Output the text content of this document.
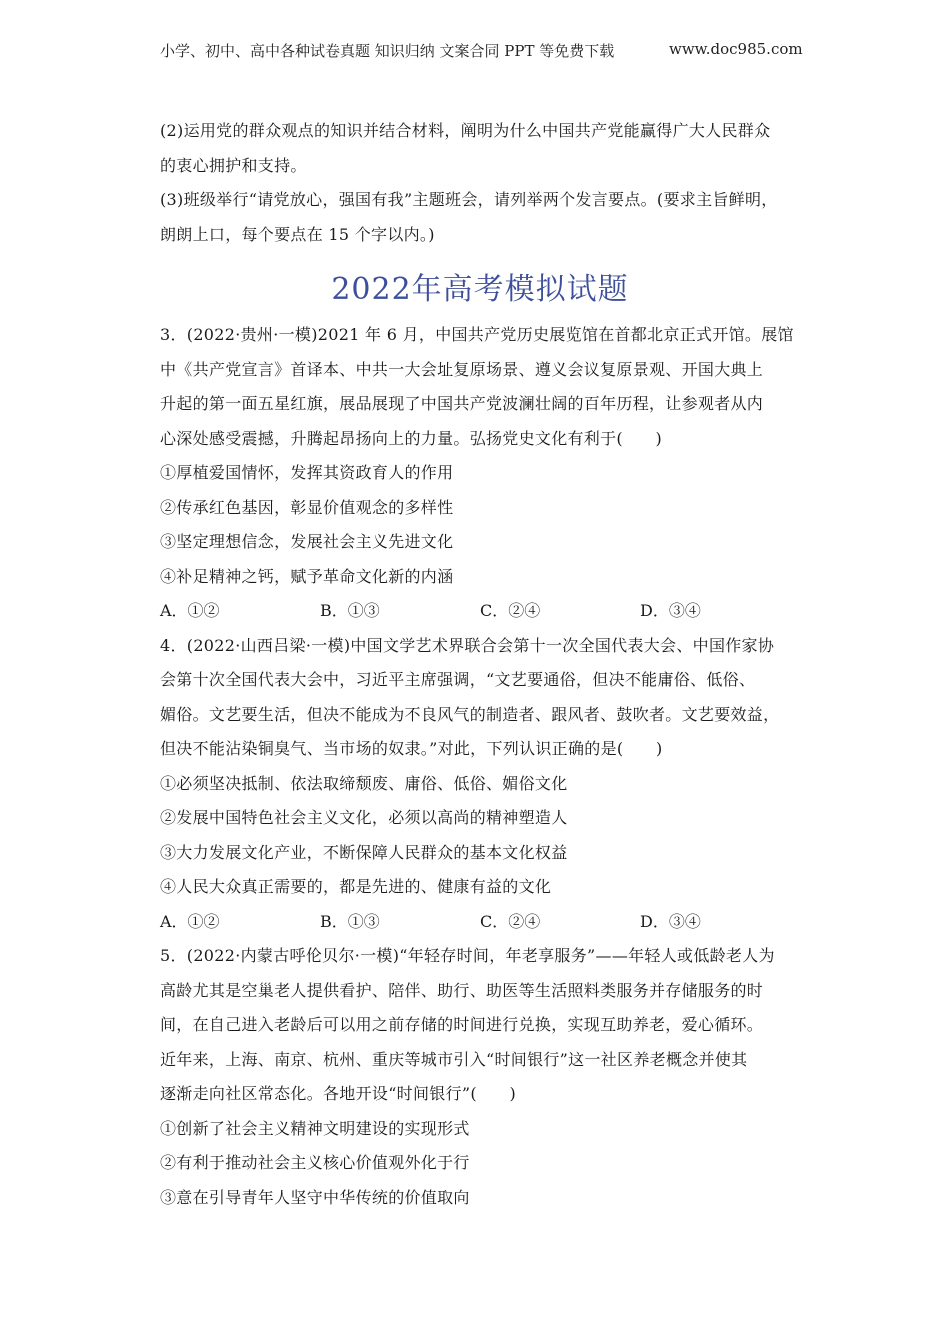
小学、初中、高中各种试卷真题 知识归纳 文案合同 PPT 等免费下载	www.doc985.com
(2)运用党的群众观点的知识并结合材料，阐明为什么中国共产党能赢得广大人民群众
的衷心拥护和支持。
(3)班级举行“请党放心，强国有我”主题班会，请列举两个发言要点。(要求主旨鲜明，
朗朗上口，每个要点在 15 个字以内。)
2022年高考模拟试题
3．(2022·贵州·一模)2021 年 6 月，中国共产党历史展览馆在首都北京正式开馆。展馆
中《共产党宣言》首译本、中共一大会址复原场景、遵义会议复原景观、开国大典上
升起的第一面五星红旗，展品展现了中国共产党波澜壮阔的百年历程，让参观者从内
心深处感受震撼，升腾起昂扬向上的力量。弘扬党史文化有利于(　　)
①厚植爱国情怀，发挥其资政育人的作用
②传承红色基因，彰显价值观念的多样性
③坚定理想信念，发展社会主义先进文化
④补足精神之钙，赋予革命文化新的内涵
A．①②	B．①③	C．②④	D．③④
4．(2022·山西吕梁·一模)中国文学艺术界联合会第十一次全国代表大会、中国作家协
会第十次全国代表大会中，习近平主席强调，“文艺要通俗，但决不能庸俗、低俗、
媚俗。文艺要生活，但决不能成为不良风气的制造者、跟风者、鼓吹者。文艺要效益，
但决不能沾染铜臭气、当市场的奴隶。”对此，下列认识正确的是(　　)
①必须坚决抵制、依法取缔颓废、庸俗、低俗、媚俗文化
②发展中国特色社会主义文化，必须以高尚的精神塑造人
③大力发展文化产业，不断保障人民群众的基本文化权益
④人民大众真正需要的，都是先进的、健康有益的文化
A．①②	B．①③	C．②④	D．③④
5．(2022·内蒙古呼伦贝尔·一模)“年轻存时间，年老享服务”——年轻人或低龄老人为
高龄尤其是空巢老人提供看护、陪伴、助行、助医等生活照料类服务并存储服务的时
间，在自己进入老龄后可以用之前存储的时间进行兑换，实现互助养老，爱心循环。
近年来，上海、南京、杭州、重庆等城市引入“时间银行”这一社区养老概念并使其
逐渐走向社区常态化。各地开设“时间银行”(　　)
①创新了社会主义精神文明建设的实现形式
②有利于推动社会主义核心价值观外化于行
③意在引导青年人坚守中华传统的价值取向
